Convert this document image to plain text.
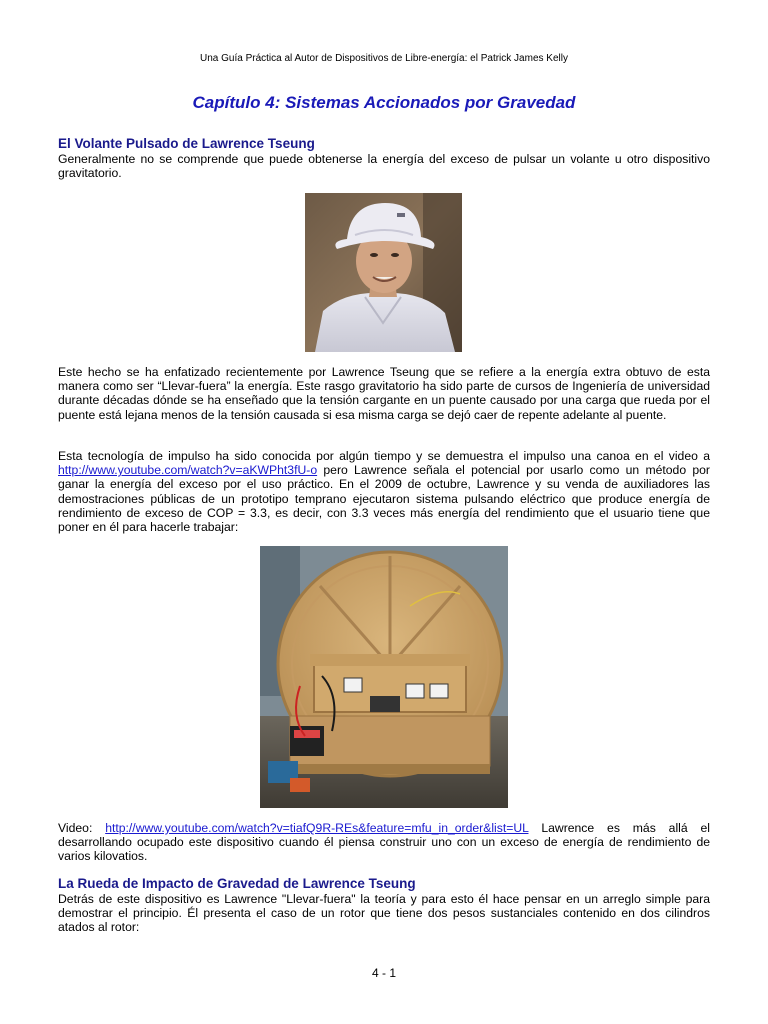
Una Guía Práctica al Autor de Dispositivos de Libre-energía: el Patrick James Kelly
Capítulo 4: Sistemas Accionados por Gravedad
El Volante Pulsado de Lawrence Tseung

Generalmente no se comprende que puede obtenerse la energía del exceso de pulsar un volante u otro dispositivo gravitatorio.

Este hecho se ha enfatizado recientemente por Lawrence Tseung que se refiere a la energía extra obtuvo de esta manera como ser “Llevar-fuera” la energía. Este rasgo gravitatorio ha sido parte de cursos de Ingeniería de universidad durante décadas dónde se ha enseñado que la tensión cargante en un puente causado por una carga que rueda por el puente está lejana menos de la tensión causada si esa misma carga se dejó caer de repente adelante al puente.

Esta tecnología de impulso ha sido conocida por algún tiempo y se demuestra el impulso una canoa en el video a http://www.youtube.com/watch?v=aKWPht3fU-o pero Lawrence señala el potencial por usarlo como un método por ganar la energía del exceso por el uso práctico. En el 2009 de octubre, Lawrence y su venda de auxiliadores las demostraciones públicas de un prototipo temprano ejecutaron sistema pulsando eléctrico que produce energía de rendimiento de exceso de COP = 3.3, es decir, con 3.3 veces más energía del rendimiento que el usuario tiene que poner en él para hacerle trabajar:

Video: http://www.youtube.com/watch?v=tiafQ9R-REs&feature=mfu_in_order&list=UL Lawrence es más allá el desarrollando ocupado este dispositivo cuando él piensa construir uno con un exceso de energía de rendimiento de varios kilovatios.

La Rueda de Impacto de Gravedad de Lawrence Tseung

Detrás de este dispositivo es Lawrence "Llevar-fuera" la teoría y para esto él hace pensar en un arreglo simple para demostrar el principio. Él presenta el caso de un rotor que tiene dos pesos sustanciales contenido en dos cilindros atados al rotor:

4 - 1
